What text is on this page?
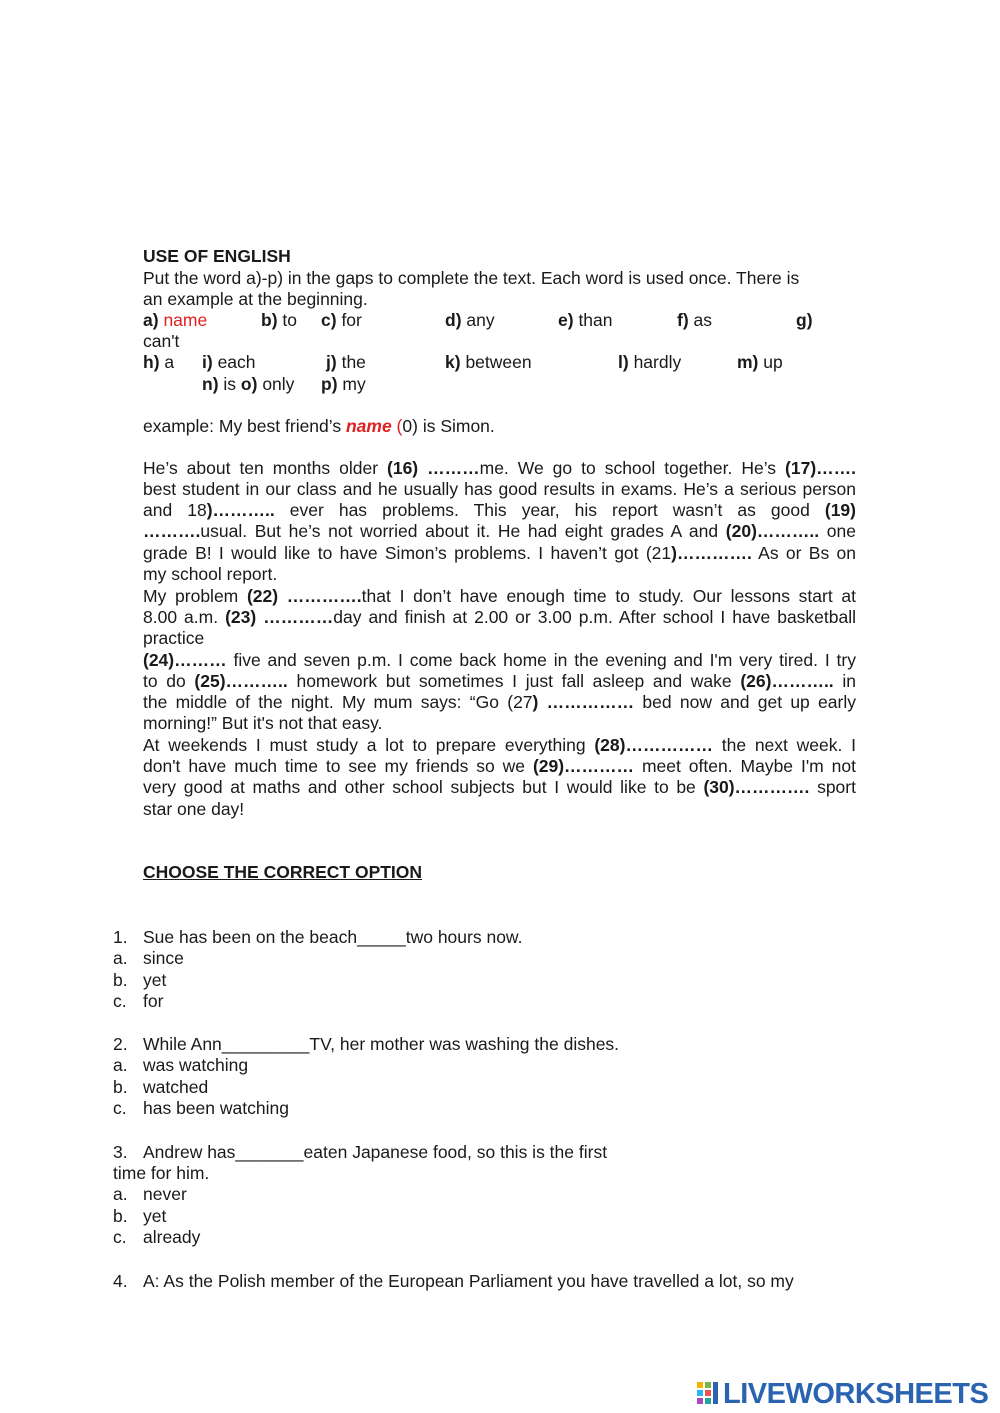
USE OF ENGLISH
Put the word a)-p) in the gaps to complete the text. Each word is used once. There is
an example at the beginning.
a) name	b) to c) for	d) any	e) than	f) as	g)
can't
h) a i) each	j) the	k) between	l) hardly	m) up
n) is o) only p) my
example: My best friend’s name (0) is Simon.
He’s about ten months older (16) ………me. We go to school together. He’s (17)…….
best student in our class and he usually has good results in exams. He’s a serious person
and 18)……….. ever has problems. This year, his report wasn’t as good (19)
……….usual. But he’s not worried about it. He had eight grades A and (20)……….. one
grade B! I would like to have Simon’s problems. I haven’t got (21)…………. As or Bs on
my school report.
My problem (22) ………….that I don’t have enough time to study. Our lessons start at
8.00 a.m. (23) …………day and finish at 2.00 or 3.00 p.m. After school I have basketball
practice
(24)……… five and seven p.m. I come back home in the evening and I'm very tired. I try
to do (25)……….. homework but sometimes I just fall asleep and wake (26)……….. in
the middle of the night. My mum says: “Go (27) …………… bed now and get up early
morning!” But it's not that easy.
At weekends I must study a lot to prepare everything (28)…………… the next week. I
don't have much time to see my friends so we (29)………… meet often. Maybe I'm not
very good at maths and other school subjects but I would like to be (30)…………. sport
star one day!
CHOOSE THE CORRECT OPTION
1. Sue has been on the beach_____two hours now.
a. since
b. yet
c. for
2. While Ann_________TV, her mother was washing the dishes.
a. was watching
b. watched
c. has been watching
3. Andrew has_______eaten Japanese food, so this is the first
time for him.
a. never
b. yet
c. already
4. A: As the Polish member of the European Parliament you have travelled a lot, so my
LIVEWORKSHEETS
